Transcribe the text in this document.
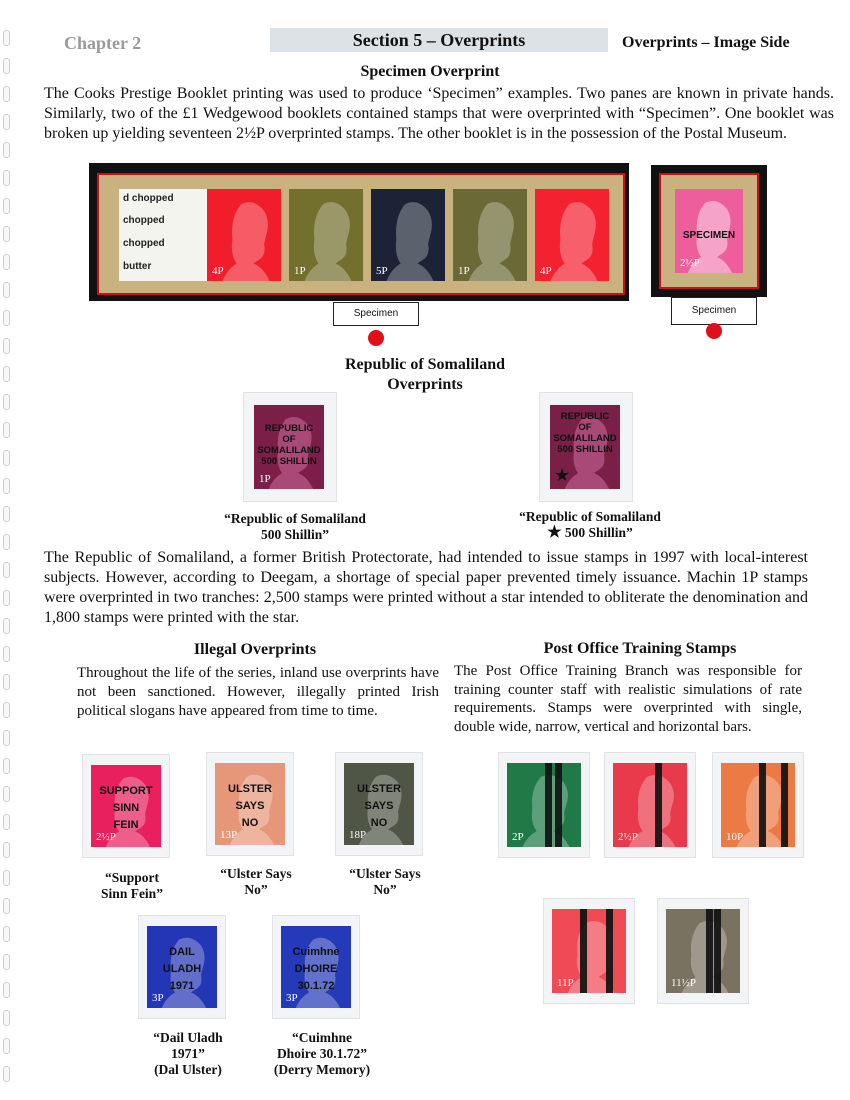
Chapter 2	Section 5 – Overprints	Overprints – Image Side
Specimen Overprint
The Cooks Prestige Booklet printing was used to produce ‘Specimen” examples. Two panes are known in private hands. Similarly, two of the £1 Wedgewood booklets contained stamps that were overprinted with “Specimen”. One booklet was broken up yielding seventeen 2½P overprinted stamps. The other booklet is in the possession of the Postal Museum.
d chopped
chopped
chopped
butter	4P	1P	5P	1P	4P
SPECIMEN
2½P
Specimen	Specimen
Republic of Somaliland
Overprints
REPUBLIC
OF
SOMALILAND
500 SHILLIN
1P
REPUBLIC
OF
SOMALILAND
500 SHILLIN
★
“Republic of Somaliland
500 Shillin”
“Republic of Somaliland
★ 500 Shillin”
The Republic of Somaliland, a former British Protectorate, had intended to issue stamps in 1997 with local-interest subjects. However, according to Deegam, a shortage of special paper prevented timely issuance. Machin 1P stamps were overprinted in two tranches: 2,500 stamps were printed without a star intended to obliterate the denomination and 1,800 stamps were printed with the star.
Illegal Overprints
Throughout the life of the series, inland use overprints have not been sanctioned. However, illegally printed Irish political slogans have appeared from time to time.
2½P
SUPPORT
SINN
FEIN
“Support
Sinn Fein”
13P
ULSTER
SAYS
NO
“Ulster Says
No”
18P
ULSTER
SAYS
NO
“Ulster Says
No”
3P
DAIL
ULADH
1971
“Dail Uladh
1971”
(Dal Ulster)
3P
Cuimhne
DHOIRE
30.1.72
“Cuimhne
Dhoire 30.1.72”
(Derry Memory)
Post Office Training Stamps
The Post Office Training Branch was responsible for training counter staff with realistic simulations of rate requirements. Stamps were overprinted with single, double wide, narrow, vertical and horizontal bars.
2P	2½P	10P
11P	11½P
